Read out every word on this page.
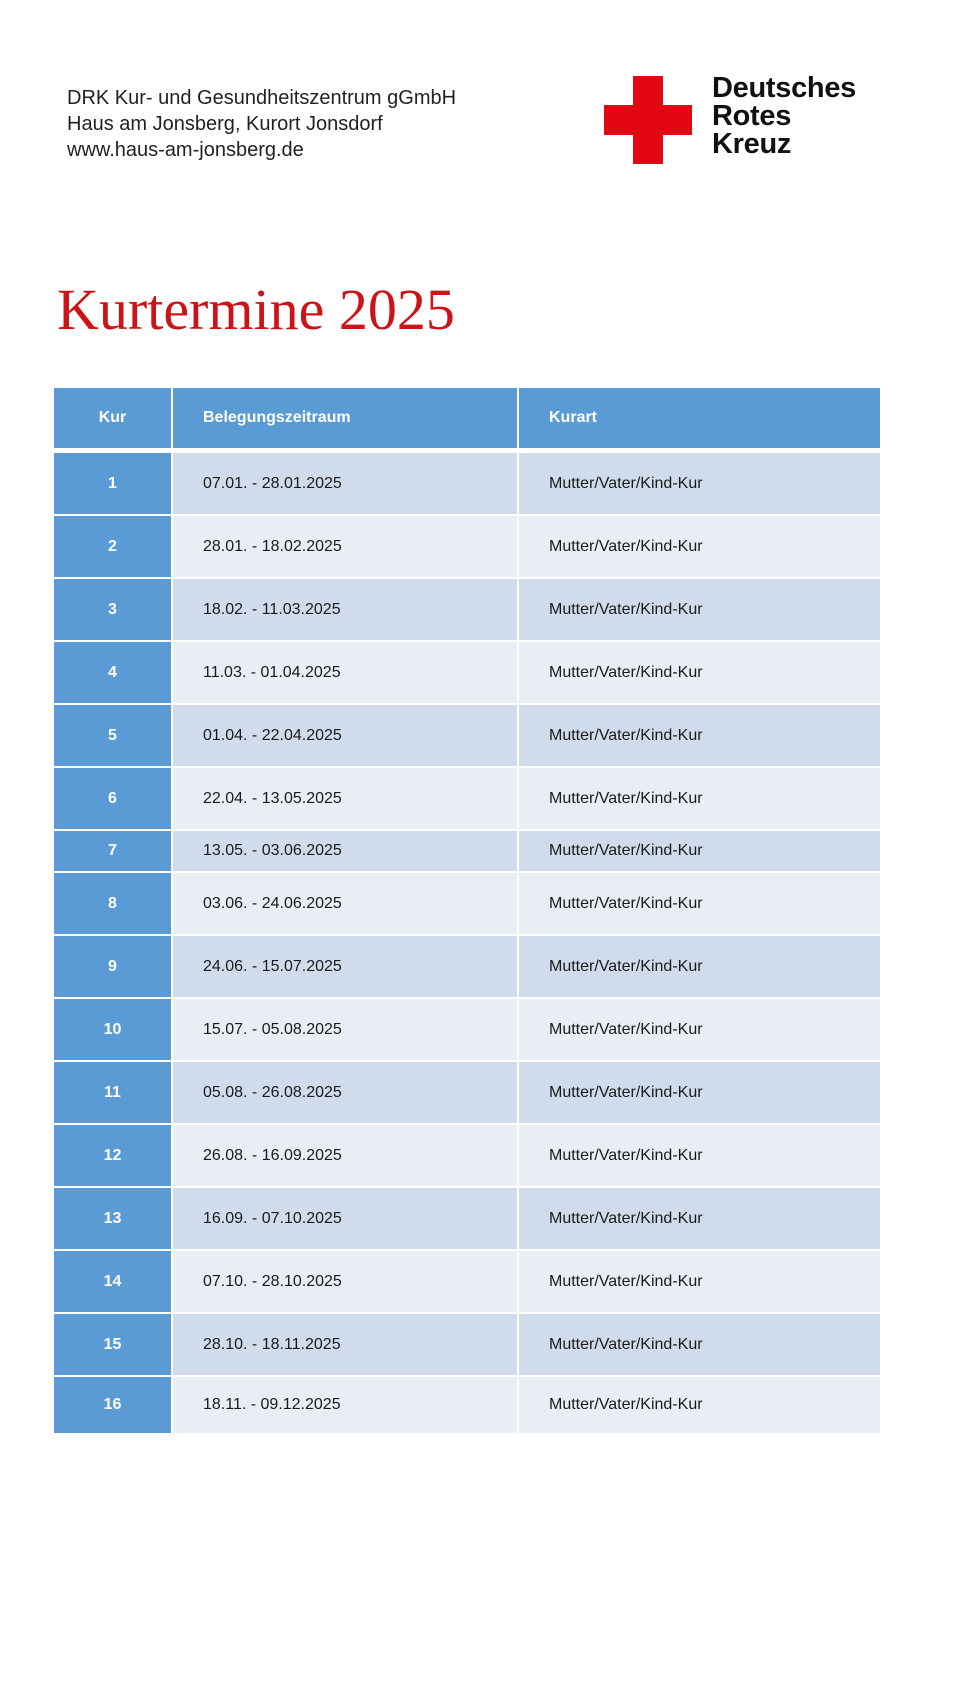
DRK Kur- und Gesundheitszentrum gGmbH
Haus am Jonsberg, Kurort Jonsdorf
www.haus-am-jonsberg.de
Deutsches
Rotes
Kreuz
Kurtermine 2025
Kur	Belegungszeitraum	Kurart
1	07.01. - 28.01.2025	Mutter/Vater/Kind-Kur
2	28.01. - 18.02.2025	Mutter/Vater/Kind-Kur
3	18.02. - 11.03.2025	Mutter/Vater/Kind-Kur
4	11.03. - 01.04.2025	Mutter/Vater/Kind-Kur
5	01.04. - 22.04.2025	Mutter/Vater/Kind-Kur
6	22.04. - 13.05.2025	Mutter/Vater/Kind-Kur
7	13.05. - 03.06.2025	Mutter/Vater/Kind-Kur
8	03.06. - 24.06.2025	Mutter/Vater/Kind-Kur
9	24.06. - 15.07.2025	Mutter/Vater/Kind-Kur
10	15.07. - 05.08.2025	Mutter/Vater/Kind-Kur
11	05.08. - 26.08.2025	Mutter/Vater/Kind-Kur
12	26.08. - 16.09.2025	Mutter/Vater/Kind-Kur
13	16.09. - 07.10.2025	Mutter/Vater/Kind-Kur
14	07.10. - 28.10.2025	Mutter/Vater/Kind-Kur
15	28.10. - 18.11.2025	Mutter/Vater/Kind-Kur
16	18.11. - 09.12.2025	Mutter/Vater/Kind-Kur
